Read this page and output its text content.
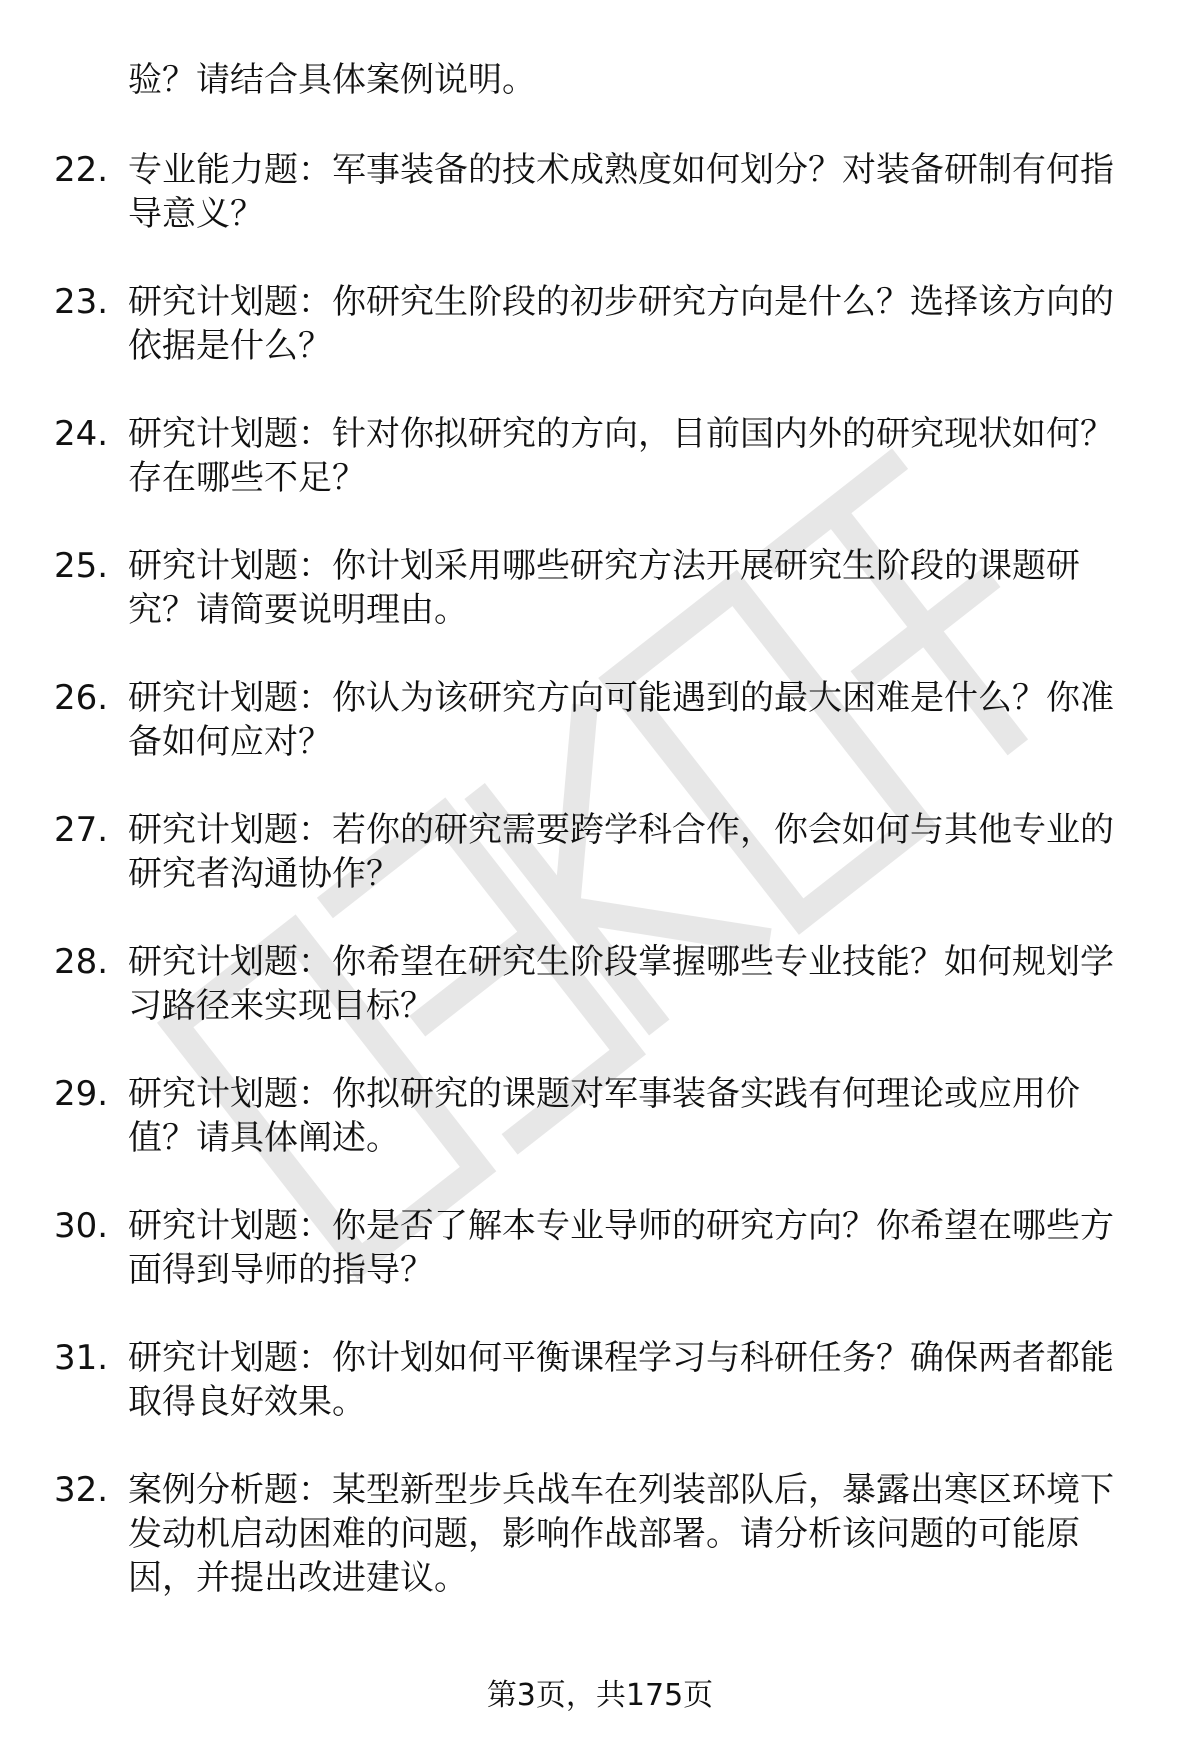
验？请结合具体案例说明。
22. 专业能力题：军事装备的技术成熟度如何划分？对装备研制有何指导意义？
23. 研究计划题：你研究生阶段的初步研究方向是什么？选择该方向的依据是什么？
24. 研究计划题：针对你拟研究的方向，目前国内外的研究现状如何？存在哪些不足？
25. 研究计划题：你计划采用哪些研究方法开展研究生阶段的课题研究？请简要说明理由。
26. 研究计划题：你认为该研究方向可能遇到的最大困难是什么？你准备如何应对？
27. 研究计划题：若你的研究需要跨学科合作，你会如何与其他专业的研究者沟通协作？
28. 研究计划题：你希望在研究生阶段掌握哪些专业技能？如何规划学习路径来实现目标？
29. 研究计划题：你拟研究的课题对军事装备实践有何理论或应用价值？请具体阐述。
30. 研究计划题：你是否了解本专业导师的研究方向？你希望在哪些方面得到导师的指导？
31. 研究计划题：你计划如何平衡课程学习与科研任务？确保两者都能取得良好效果。
32. 案例分析题：某型新型步兵战车在列装部队后，暴露出寒区环境下发动机启动困难的问题，影响作战部署。请分析该问题的可能原因，并提出改进建议。
第3页，共175页
